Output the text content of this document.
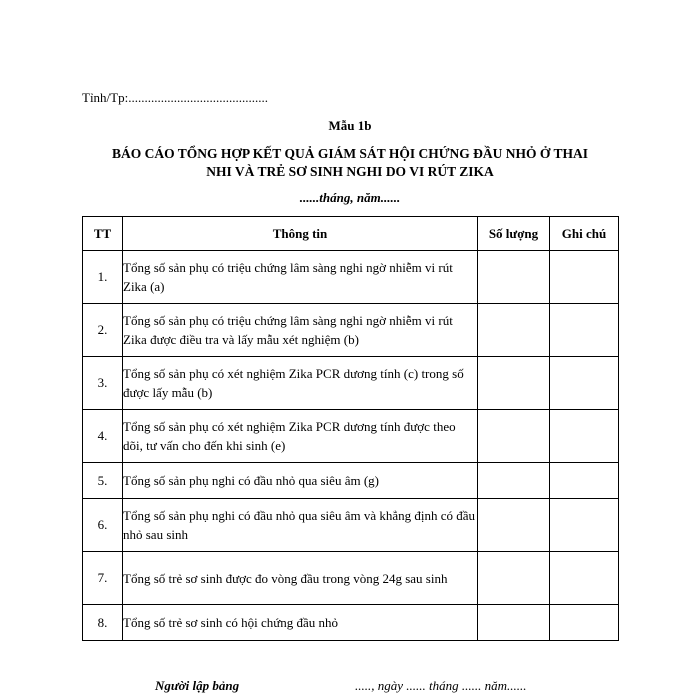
Tỉnh/Tp:...........................................
Mẫu 1b
BÁO CÁO TỔNG HỢP KẾT QUẢ GIÁM SÁT HỘI CHỨNG ĐẦU NHỎ Ở THAI
NHI VÀ TRẺ SƠ SINH NGHI DO VI RÚT ZIKA
......tháng, năm......
TT	Thông tin	Số lượng	Ghi chú
1.	Tổng số sản phụ có triệu chứng lâm sàng nghi ngờ nhiễm vi rút Zika (a)		
2.	Tổng số sản phụ có triệu chứng lâm sàng nghi ngờ nhiễm vi rút Zika được điều tra và lấy mẫu xét nghiệm (b)		
3.	Tổng số sản phụ có xét nghiệm Zika PCR dương tính (c) trong số được lấy mẫu (b)		
4.	Tổng số sản phụ có xét nghiệm Zika PCR dương tính được theo dõi, tư vấn cho đến khi sinh (e)		
5.	Tổng số sản phụ nghi có đầu nhỏ qua siêu âm (g)		
6.	Tổng số sản phụ nghi có đầu nhỏ qua siêu âm và khẳng định có đầu nhỏ sau sinh		
7.	Tổng số trẻ sơ sinh được đo vòng đầu trong vòng 24g sau sinh		
8.	Tổng số trẻ sơ sinh có hội chứng đầu nhỏ		
Người lập bảng	....., ngày ...... tháng ...... năm......
